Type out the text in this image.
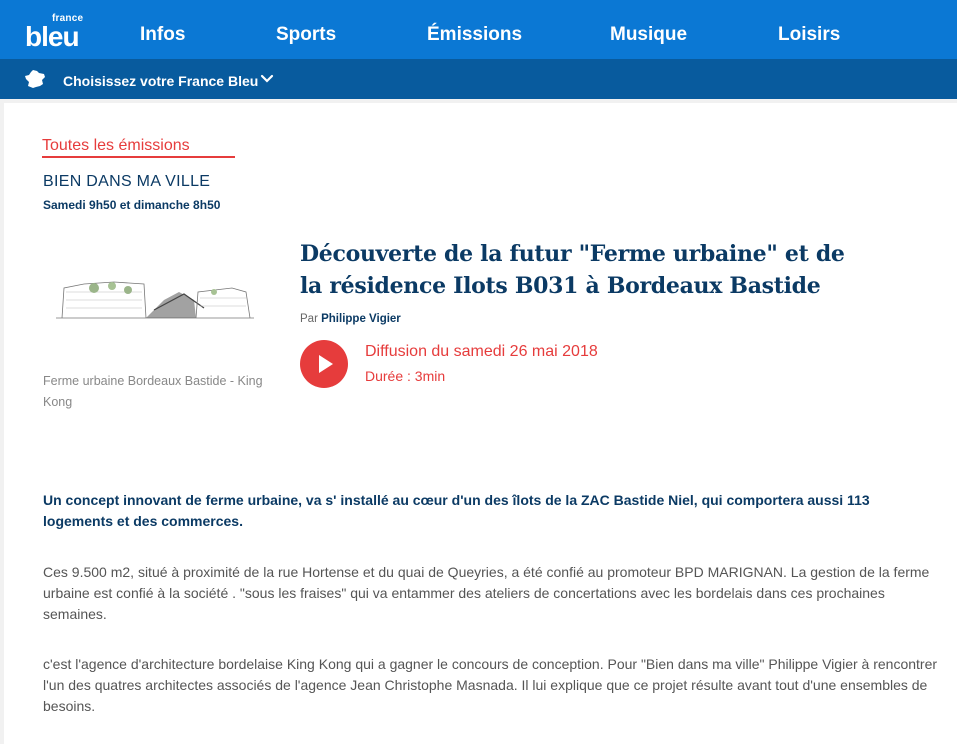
france
bleu	Infos	Sports	Émissions	Musique	Loisirs
Choisissez votre France Bleu
Toutes les émissions
BIEN DANS MA VILLE
Samedi 9h50 et dimanche 8h50
Ferme urbaine Bordeaux Bastide - King Kong
Découverte de la futur "Ferme urbaine" et de la résidence Ilots B031 à Bordeaux Bastide
Par Philippe Vigier
Diffusion du samedi 26 mai 2018
Durée : 3min

Un concept innovant de ferme urbaine, va s' installé au cœur d'un des îlots de la ZAC Bastide Niel, qui comportera aussi 113 logements et des commerces.

Ces 9.500 m2, situé à proximité de la rue Hortense et du quai de Queyries, a été confié au promoteur BPD MARIGNAN. La gestion de la ferme urbaine est confié à la société . "sous les fraises" qui va entammer des ateliers de concertations avec les bordelais dans ces prochaines semaines.

c'est l'agence d'architecture bordelaise King Kong qui a gagner le concours de conception. Pour "Bien dans ma ville" Philippe Vigier à rencontrer l'un des quatres architectes associés de l'agence Jean Christophe Masnada. Il lui explique que ce projet résulte avant tout d'une ensembles de besoins.
